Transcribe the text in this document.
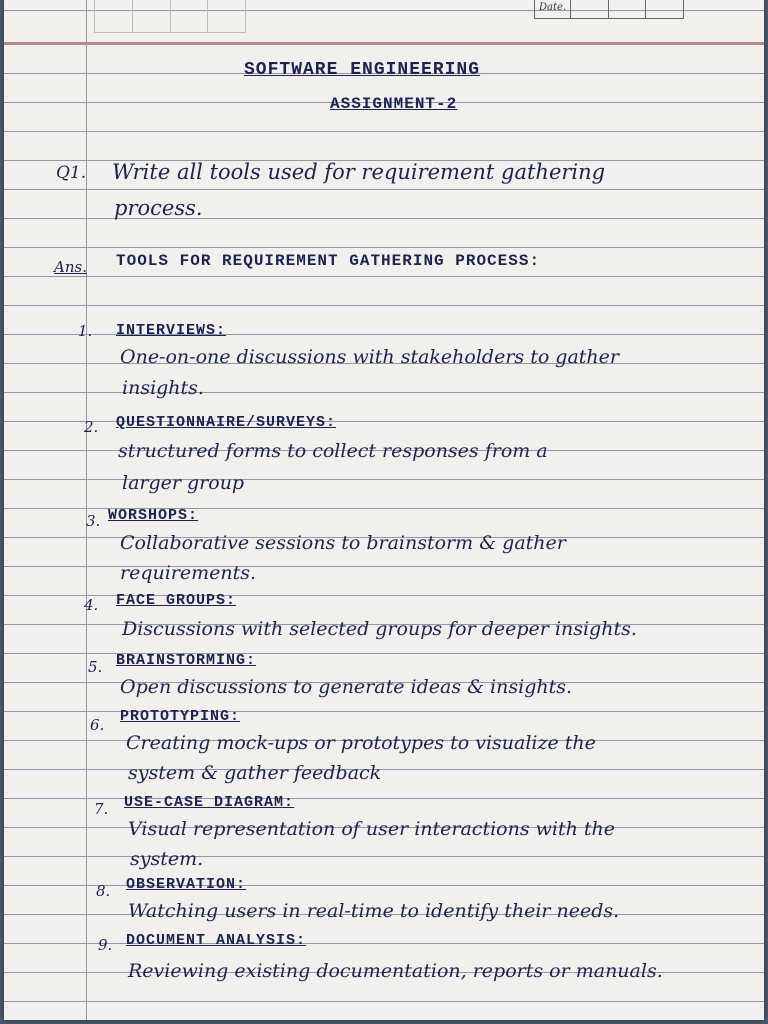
Date.
SOFTWARE ENGINEERING
ASSIGNMENT-2
Q1. Write all tools used for requirement gathering
process.
Ans. TOOLS FOR REQUIREMENT GATHERING PROCESS:
1. INTERVIEWS:
One-on-one discussions with stakeholders to gather
insights.
2. QUESTIONNAIRE/SURVEYS:
structured forms to collect responses from a
larger group
3. WORSHOPS:
Collaborative sessions to brainstorm & gather
requirements.
4. FACE GROUPS:
Discussions with selected groups for deeper insights.
5. BRAINSTORMING:
Open discussions to generate ideas & insights.
6. PROTOTYPING:
Creating mock-ups or prototypes to visualize the
system & gather feedback
7. USE-CASE DIAGRAM:
Visual representation of user interactions with the
system.
8. OBSERVATION:
Watching users in real-time to identify their needs.
9. DOCUMENT ANALYSIS:
Reviewing existing documentation, reports or manuals.
